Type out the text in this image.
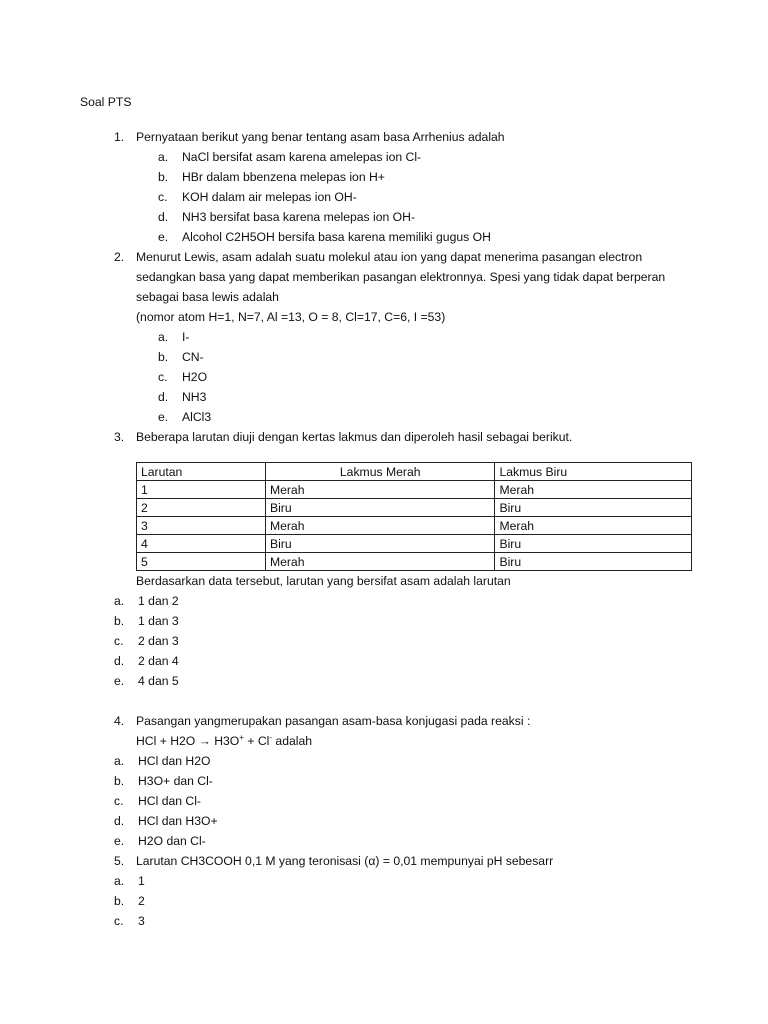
Soal PTS
1. Pernyataan berikut yang benar tentang asam basa Arrhenius adalah
a. NaCl bersifat asam karena amelepas ion Cl-
b. HBr dalam bbenzena melepas ion H+
c. KOH dalam air melepas ion OH-
d. NH3 bersifat basa karena melepas ion OH-
e. Alcohol C2H5OH bersifa basa karena memiliki gugus OH
2. Menurut Lewis, asam adalah suatu molekul atau ion yang dapat menerima pasangan electron
sedangkan basa yang dapat memberikan pasangan elektronnya. Spesi yang tidak dapat berperan
sebagai basa lewis adalah
(nomor atom H=1, N=7, Al =13, O = 8, Cl=17, C=6, I =53)
a. I-
b. CN-
c. H2O
d. NH3
e. AlCl3
3. Beberapa larutan diuji dengan kertas lakmus dan diperoleh hasil sebagai berikut.
Larutan	Lakmus Merah	Lakmus Biru
1	Merah	Merah
2	Biru	Biru
3	Merah	Merah
4	Biru	Biru
5	Merah	Biru
Berdasarkan data tersebut, larutan yang bersifat asam adalah larutan
a. 1 dan 2
b. 1 dan 3
c. 2 dan 3
d. 2 dan 4
e. 4 dan 5
4. Pasangan yangmerupakan pasangan asam-basa konjugasi pada reaksi :
HCl + H2O → H3O+ + Cl- adalah
a. HCl dan H2O
b. H3O+ dan Cl-
c. HCl dan Cl-
d. HCl dan H3O+
e. H2O dan Cl-
5. Larutan CH3COOH 0,1 M yang teronisasi (α) = 0,01 mempunyai pH sebesarr
a. 1
b. 2
c. 3
